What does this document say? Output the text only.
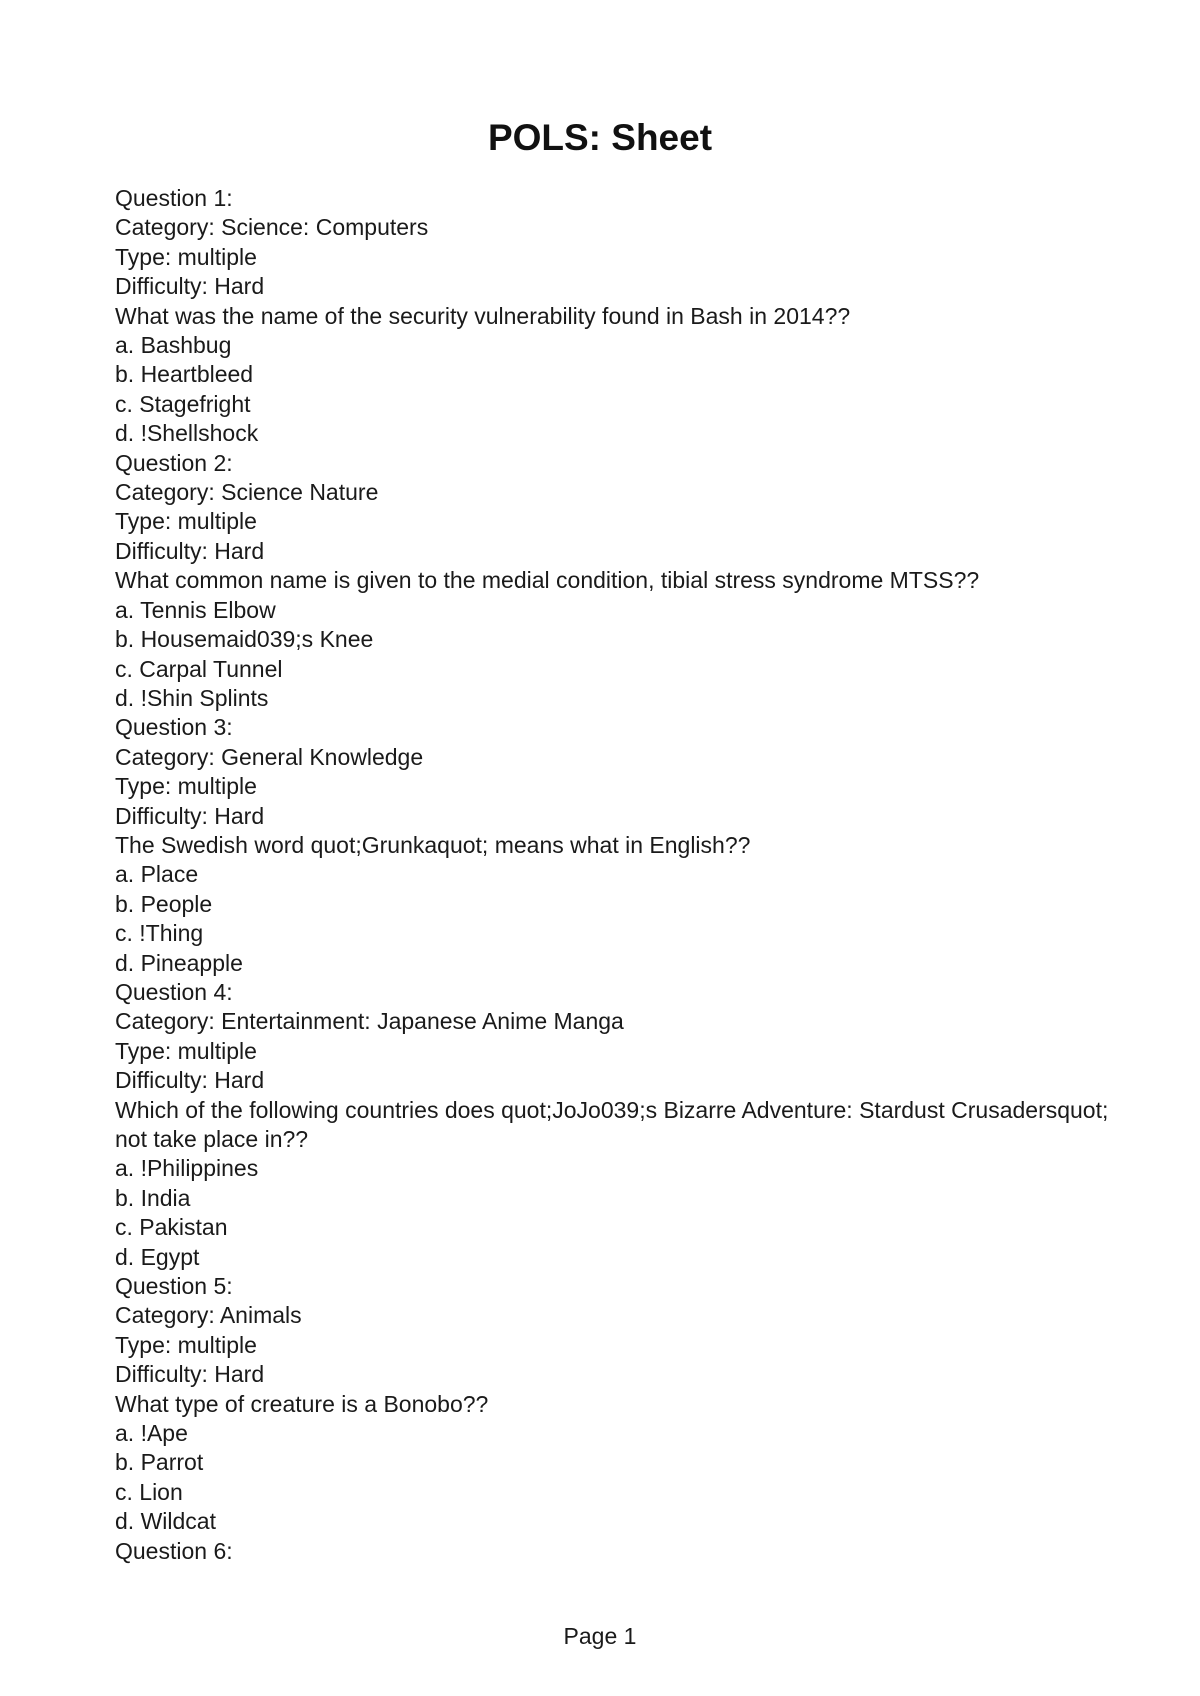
POLS: Sheet
Question 1:
Category: Science: Computers
Type: multiple
Difficulty: Hard
What was the name of the security vulnerability found in Bash in 2014??
a. Bashbug
b. Heartbleed
c. Stagefright
d. !Shellshock
Question 2:
Category: Science Nature
Type: multiple
Difficulty: Hard
What common name is given to the medial condition, tibial stress syndrome MTSS??
a. Tennis Elbow
b. Housemaid039;s Knee
c. Carpal Tunnel
d. !Shin Splints
Question 3:
Category: General Knowledge
Type: multiple
Difficulty: Hard
The Swedish word quot;Grunkaquot; means what in English??
a. Place
b. People
c. !Thing
d. Pineapple
Question 4:
Category: Entertainment: Japanese Anime Manga
Type: multiple
Difficulty: Hard
Which of the following countries does quot;JoJo039;s Bizarre Adventure: Stardust Crusadersquot; not take place in??
a. !Philippines
b. India
c. Pakistan
d. Egypt
Question 5:
Category: Animals
Type: multiple
Difficulty: Hard
What type of creature is a Bonobo??
a. !Ape
b. Parrot
c. Lion
d. Wildcat
Question 6:
Page 1
